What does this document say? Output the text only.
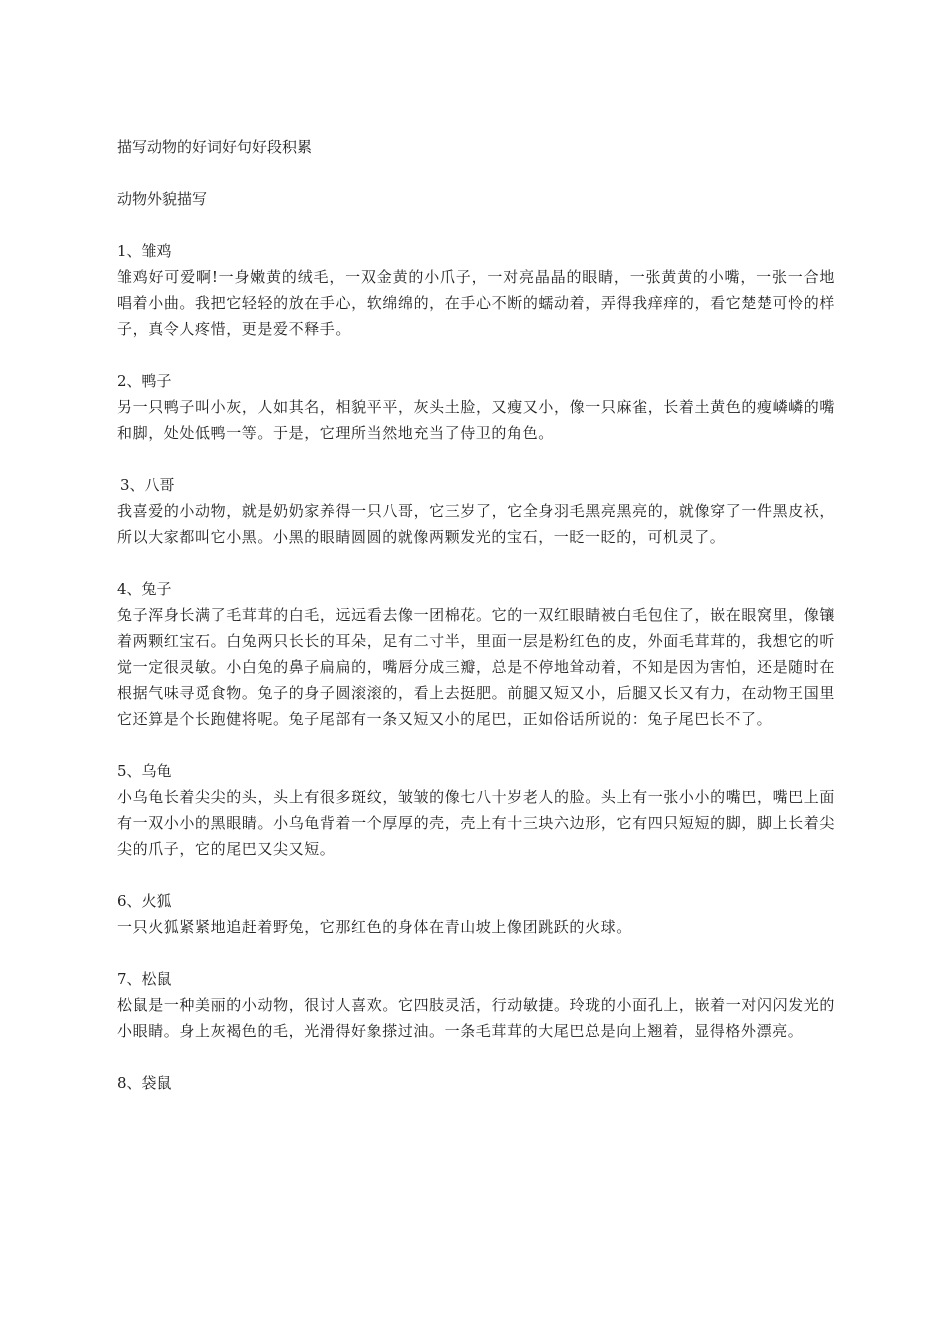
描写动物的好词好句好段积累

动物外貌描写

1、雏鸡

雏鸡好可爱啊!一身嫩黄的绒毛，一双金黄的小爪子，一对亮晶晶的眼睛，一张黄黄的小嘴，一张一合地唱着小曲。我把它轻轻的放在手心，软绵绵的，在手心不断的蠕动着，弄得我痒痒的，看它楚楚可怜的样子，真令人疼惜，更是爱不释手。

2、鸭子

另一只鸭子叫小灰，人如其名，相貌平平，灰头土脸，又瘦又小，像一只麻雀，长着土黄色的瘦嶙嶙的嘴和脚，处处低鸭一等。于是，它理所当然地充当了侍卫的角色。

3、八哥

我喜爱的小动物，就是奶奶家养得一只八哥，它三岁了，它全身羽毛黑亮黑亮的，就像穿了一件黑皮袄，所以大家都叫它小黑。小黑的眼睛圆圆的就像两颗发光的宝石，一眨一眨的，可机灵了。

4、兔子

兔子浑身长满了毛茸茸的白毛，远远看去像一团棉花。它的一双红眼睛被白毛包住了，嵌在眼窝里，像镶着两颗红宝石。白兔两只长长的耳朵，足有二寸半，里面一层是粉红色的皮，外面毛茸茸的，我想它的听觉一定很灵敏。小白兔的鼻子扁扁的，嘴唇分成三瓣，总是不停地耸动着，不知是因为害怕，还是随时在根据气味寻觅食物。兔子的身子圆滚滚的，看上去挺肥。前腿又短又小，后腿又长又有力，在动物王国里它还算是个长跑健将呢。兔子尾部有一条又短又小的尾巴，正如俗话所说的：兔子尾巴长不了。

5、乌龟

小乌龟长着尖尖的头，头上有很多斑纹，皱皱的像七八十岁老人的脸。头上有一张小小的嘴巴，嘴巴上面有一双小小的黑眼睛。小乌龟背着一个厚厚的壳，壳上有十三块六边形，它有四只短短的脚，脚上长着尖尖的爪子，它的尾巴又尖又短。

6、火狐

一只火狐紧紧地追赶着野兔，它那红色的身体在青山坡上像团跳跃的火球。

7、松鼠

松鼠是一种美丽的小动物，很讨人喜欢。它四肢灵活，行动敏捷。玲珑的小面孔上，嵌着一对闪闪发光的小眼睛。身上灰褐色的毛，光滑得好象搽过油。一条毛茸茸的大尾巴总是向上翘着，显得格外漂亮。

8、袋鼠
